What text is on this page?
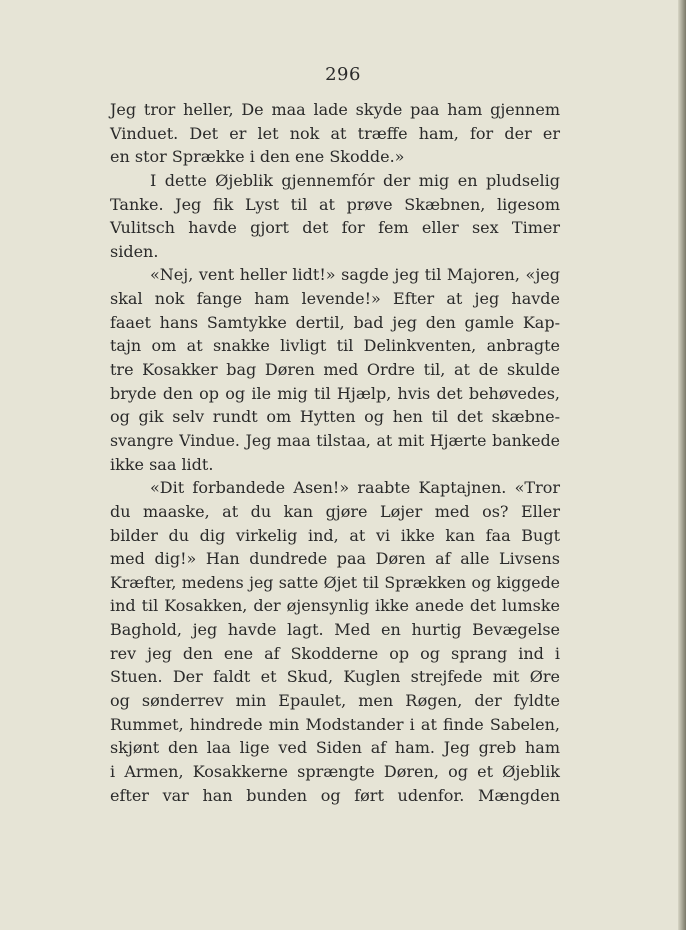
296
Jeg tror heller, De maa lade skyde paa ham gjennem
Vinduet. Det er let nok at træffe ham, for der er
en stor Sprække i den ene Skodde.»
I dette Øjeblik gjennemfór der mig en pludselig
Tanke. Jeg fik Lyst til at prøve Skæbnen, ligesom
Vulitsch havde gjort det for fem eller sex Timer
siden.
«Nej, vent heller lidt!» sagde jeg til Majoren, «jeg
skal nok fange ham levende!» Efter at jeg havde
faaet hans Samtykke dertil, bad jeg den gamle Kap-
tajn om at snakke livligt til Delinkventen, anbragte
tre Kosakker bag Døren med Ordre til, at de skulde
bryde den op og ile mig til Hjælp, hvis det behøvedes,
og gik selv rundt om Hytten og hen til det skæbne-
svangre Vindue. Jeg maa tilstaa, at mit Hjærte bankede
ikke saa lidt.
«Dit forbandede Asen!» raabte Kaptajnen. «Tror
du maaske, at du kan gjøre Løjer med os? Eller
bilder du dig virkelig ind, at vi ikke kan faa Bugt
med dig!» Han dundrede paa Døren af alle Livsens
Kræfter, medens jeg satte Øjet til Sprækken og kiggede
ind til Kosakken, der øjensynlig ikke anede det lumske
Baghold, jeg havde lagt. Med en hurtig Bevægelse
rev jeg den ene af Skodderne op og sprang ind i
Stuen. Der faldt et Skud, Kuglen strejfede mit Øre
og sønderrev min Epaulet, men Røgen, der fyldte
Rummet, hindrede min Modstander i at finde Sabelen,
skjønt den laa lige ved Siden af ham. Jeg greb ham
i Armen, Kosakkerne sprængte Døren, og et Øjeblik
efter var han bunden og ført udenfor. Mængden
